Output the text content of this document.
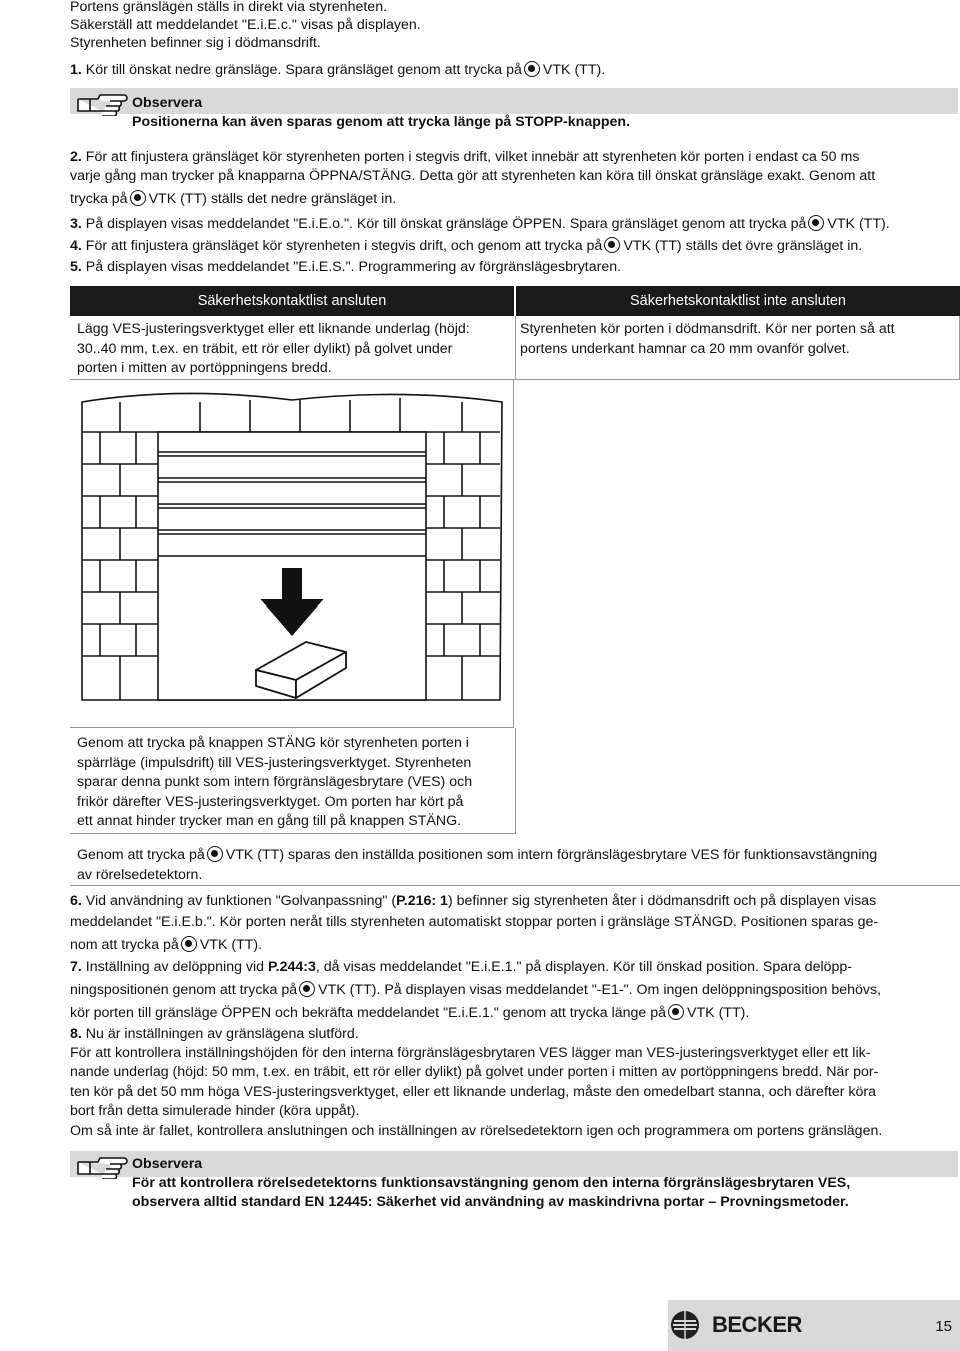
Portens gränslägen ställs in direkt via styrenheten.
Säkerställ att meddelandet "E.i.E.c." visas på displayen.
Styrenheten befinner sig i dödmansdrift.
1. Kör till önskat nedre gränsläge. Spara gränsläget genom att trycka på VTK (TT).
Observera
Positionerna kan även sparas genom att trycka länge på STOPP-knappen.
2. För att finjustera gränsläget kör styrenheten porten i stegvis drift, vilket innebär att styrenheten kör porten i endast ca 50 ms
varje gång man trycker på knapparna ÖPPNA/STÄNG. Detta gör att styrenheten kan köra till önskat gränsläge exakt. Genom att
trycka på VTK (TT) ställs det nedre gränsläget in.
3. På displayen visas meddelandet "E.i.E.o.". Kör till önskat gränsläge ÖPPEN. Spara gränsläget genom att trycka på VTK (TT).
4. För att finjustera gränsläget kör styrenheten i stegvis drift, och genom att trycka på VTK (TT) ställs det övre gränsläget in.
5. På displayen visas meddelandet "E.i.E.S.". Programmering av förgränslägesbrytaren.
Säkerhetskontaktlist ansluten	Säkerhetskontaktlist inte ansluten

Lägg VES-justeringsverktyget eller ett liknande underlag (höjd:

30..40 mm, t.ex. en träbit, ett rör eller dylikt) på golvet under

porten i mitten av portöppningens bredd.

Styrenheten kör porten i dödmansdrift. Kör ner porten så att

portens underkant hamnar ca 20 mm ovanför golvet.

Genom att trycka på knappen STÄNG kör styrenheten porten i

spärrläge (impulsdrift) till VES-justeringsverktyget. Styrenheten

sparar denna punkt som intern förgränslägesbrytare (VES) och

frikör därefter VES-justeringsverktyget. Om porten har kört på

ett annat hinder trycker man en gång till på knappen STÄNG.

Genom att trycka på VTK (TT) sparas den inställda positionen som intern förgränslägesbrytare VES för funktionsavstängning

av rörelsedetektorn.

6. Vid användning av funktionen "Golvanpassning" (P.216: 1) befinner sig styrenheten åter i dödmansdrift och på displayen visas
meddelandet "E.i.E.b.". Kör porten neråt tills styrenheten automatiskt stoppar porten i gränsläge STÄNGD. Positionen sparas ge-
nom att trycka på VTK (TT).
7. Inställning av delöppning vid P.244:3, då visas meddelandet "E.i.E.1." på displayen. Kör till önskad position. Spara delöpp-
ningspositionen genom att trycka på VTK (TT). På displayen visas meddelandet "-E1-". Om ingen delöppningsposition behövs,
kör porten till gränsläge ÖPPEN och bekräfta meddelandet "E.i.E.1." genom att trycka länge på VTK (TT).
8. Nu är inställningen av gränslägena slutförd.
För att kontrollera inställningshöjden för den interna förgränslägesbrytaren VES lägger man VES-justeringsverktyget eller ett lik-
nande underlag (höjd: 50 mm, t.ex. en träbit, ett rör eller dylikt) på golvet under porten i mitten av portöppningens bredd. När por-
ten kör på det 50 mm höga VES-justeringsverktyget, eller ett liknande underlag, måste den omedelbart stanna, och därefter köra
bort från detta simulerade hinder (köra uppåt).
Om så inte är fallet, kontrollera anslutningen och inställningen av rörelsedetektorn igen och programmera om portens gränslägen.
Observera
För att kontrollera rörelsedetektorns funktionsavstängning genom den interna förgränslägesbrytaren VES,
observera alltid standard EN 12445: Säkerhet vid användning av maskindrivna portar – Provningsmetoder.
BECKER	15
